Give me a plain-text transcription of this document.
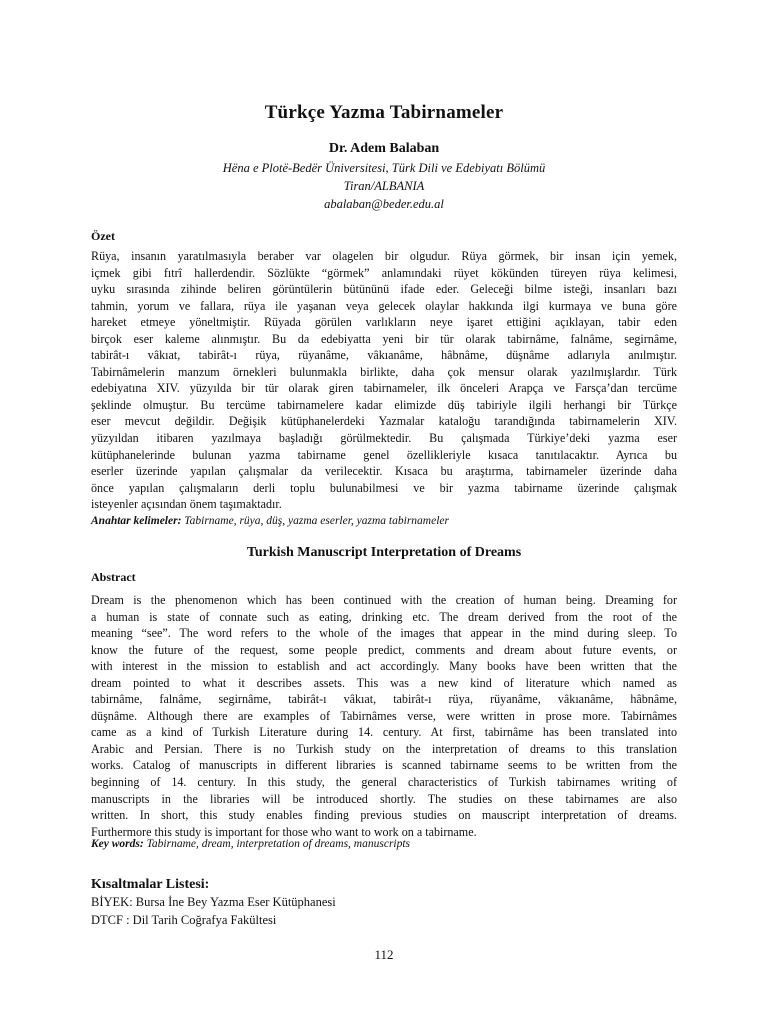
Türkçe Yazma Tabirnameler
Dr. Adem Balaban
Hëna e Plotë-Bedër Üniversitesi, Türk Dili ve Edebiyatı Bölümü
Tiran/ALBANIA
abalaban@beder.edu.al
Özet
Rüya, insanın yaratılmasıyla beraber var olagelen bir olgudur. Rüya görmek, bir insan için yemek,
içmek gibi fıtrî hallerdendir. Sözlükte “görmek” anlamındaki rüyet kökünden türeyen rüya kelimesi,
uyku sırasında zihinde beliren görüntülerin bütününü ifade eder. Geleceği bilme isteği, insanları bazı
tahmin, yorum ve fallara, rüya ile yaşanan veya gelecek olaylar hakkında ilgi kurmaya ve buna göre
hareket etmeye yöneltmiştir. Rüyada görülen varlıkların neye işaret ettiğini açıklayan, tabir eden
birçok eser kaleme alınmıştır. Bu da edebiyatta yeni bir tür olarak tabirnâme, falnâme, segirnâme,
tabirât-ı vâkıat, tabirât-ı rüya, rüyanâme, vâkıanâme, hâbnâme, düşnâme adlarıyla anılmıştır.
Tabirnâmelerin manzum örnekleri bulunmakla birlikte, daha çok mensur olarak yazılmışlardır. Türk
edebiyatına XIV. yüzyılda bir tür olarak giren tabirnameler, ilk önceleri Arapça ve Farsça’dan tercüme
şeklinde olmuştur. Bu tercüme tabirnamelere kadar elimizde düş tabiriyle ilgili herhangi bir Türkçe
eser mevcut değildir. Değişik kütüphanelerdeki Yazmalar kataloğu tarandığında tabirnamelerin XIV.
yüzyıldan itibaren yazılmaya başladığı görülmektedir. Bu çalışmada Türkiye’deki yazma eser
kütüphanelerinde bulunan yazma tabirname genel özellikleriyle kısaca tanıtılacaktır. Ayrıca bu
eserler üzerinde yapılan çalışmalar da verilecektir. Kısaca bu araştırma, tabirnameler üzerinde daha
önce yapılan çalışmaların derli toplu bulunabilmesi ve bir yazma tabirname üzerinde çalışmak
isteyenler açısından önem taşımaktadır.
Anahtar kelimeler: Tabirname, rüya, düş, yazma eserler, yazma tabirnameler
Turkish Manuscript Interpretation of Dreams
Abstract
Dream is the phenomenon which has been continued with the creation of human being. Dreaming for
a human is state of connate such as eating, drinking etc. The dream derived from the root of the
meaning “see”. The word refers to the whole of the images that appear in the mind during sleep. To
know the future of the request, some people predict, comments and dream about future events, or
with interest in the mission to establish and act accordingly. Many books have been written that the
dream pointed to what it describes assets. This was a new kind of literature which named as
tabirnâme, falnâme, segirnâme, tabirât-ı vâkıat, tabirât-ı rüya, rüyanâme, vâkıanâme, hâbnâme,
düşnâme. Although there are examples of Tabirnâmes verse, were written in prose more. Tabirnâmes
came as a kind of Turkish Literature during 14. century. At first, tabirnâme has been translated into
Arabic and Persian. There is no Turkish study on the interpretation of dreams to this translation
works. Catalog of manuscripts in different libraries is scanned tabirname seems to be written from the
beginning of 14. century. In this study, the general characteristics of Turkish tabirnames writing of
manuscripts in the libraries will be introduced shortly. The studies on these tabirnames are also
written. In short, this study enables finding previous studies on mauscript interpretation of dreams.
Furthermore this study is important for those who want to work on a tabirname.
Key words: Tabirname, dream, interpretation of dreams, manuscripts
Kısaltmalar Listesi:
BİYEK: Bursa İne Bey Yazma Eser Kütüphanesi
DTCF : Dil Tarih Coğrafya Fakültesi
112
